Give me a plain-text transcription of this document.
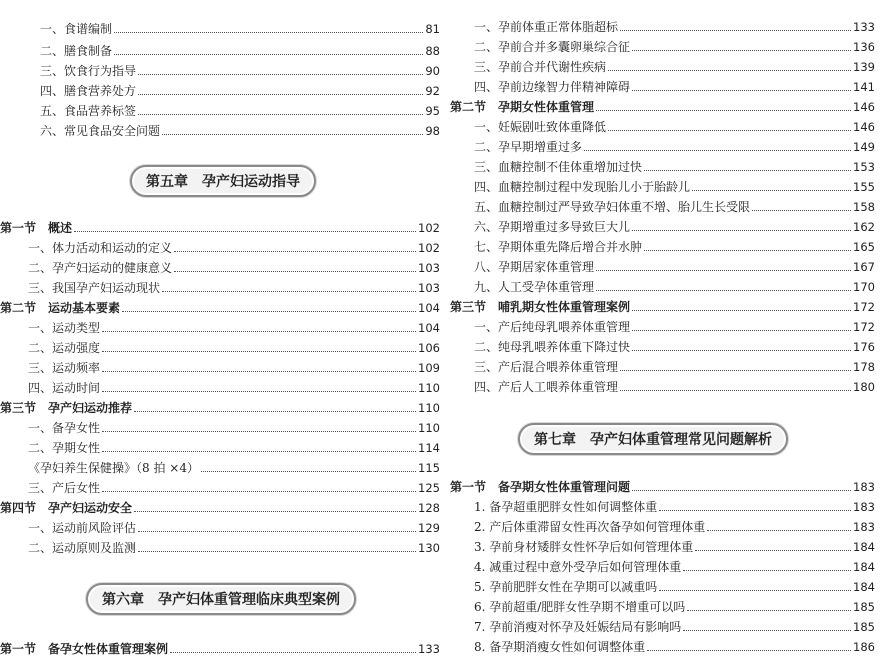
一、食谱编制	81
二、膳食制备	88
三、饮食行为指导	90
四、膳食营养处方	92
五、食品营养标签	95
六、常见食品安全问题	98
第五章　孕产妇运动指导
第一节　概述	102
一、体力活动和运动的定义	102
二、孕产妇运动的健康意义	103
三、我国孕产妇运动现状	103
第二节　运动基本要素	104
一、运动类型	104
二、运动强度	106
三、运动频率	109
四、运动时间	110
第三节　孕产妇运动推荐	110
一、备孕女性	110
二、孕期女性	114
《孕妇养生保健操》（8 拍 ×4）	115
三、产后女性	125
第四节　孕产妇运动安全	128
一、运动前风险评估	129
二、运动原则及监测	130
第六章　孕产妇体重管理临床典型案例
第一节　备孕女性体重管理案例	133
一、孕前体重正常体脂超标	133
二、孕前合并多囊卵巢综合征	136
三、孕前合并代谢性疾病	139
四、孕前边缘智力伴精神障碍	141
第二节　孕期女性体重管理	146
一、妊娠剧吐致体重降低	146
二、孕早期增重过多	149
三、血糖控制不佳体重增加过快	153
四、血糖控制过程中发现胎儿小于胎龄儿	155
五、血糖控制过严导致孕妇体重不增、胎儿生长受限	158
六、孕期增重过多导致巨大儿	162
七、孕期体重先降后增合并水肿	165
八、孕期居家体重管理	167
九、人工受孕体重管理	170
第三节　哺乳期女性体重管理案例	172
一、产后纯母乳喂养体重管理	172
二、纯母乳喂养体重下降过快	176
三、产后混合喂养体重管理	178
四、产后人工喂养体重管理	180
第七章　孕产妇体重管理常见问题解析
第一节　备孕期女性体重管理问题	183
1. 备孕超重肥胖女性如何调整体重	183
2. 产后体重滞留女性再次备孕如何管理体重	183
3. 孕前身材矮胖女性怀孕后如何管理体重	184
4. 减重过程中意外受孕后如何管理体重	184
5. 孕前肥胖女性在孕期可以减重吗	184
6. 孕前超重/肥胖女性孕期不增重可以吗	185
7. 孕前消瘦对怀孕及妊娠结局有影响吗	185
8. 备孕期消瘦女性如何调整体重	186
